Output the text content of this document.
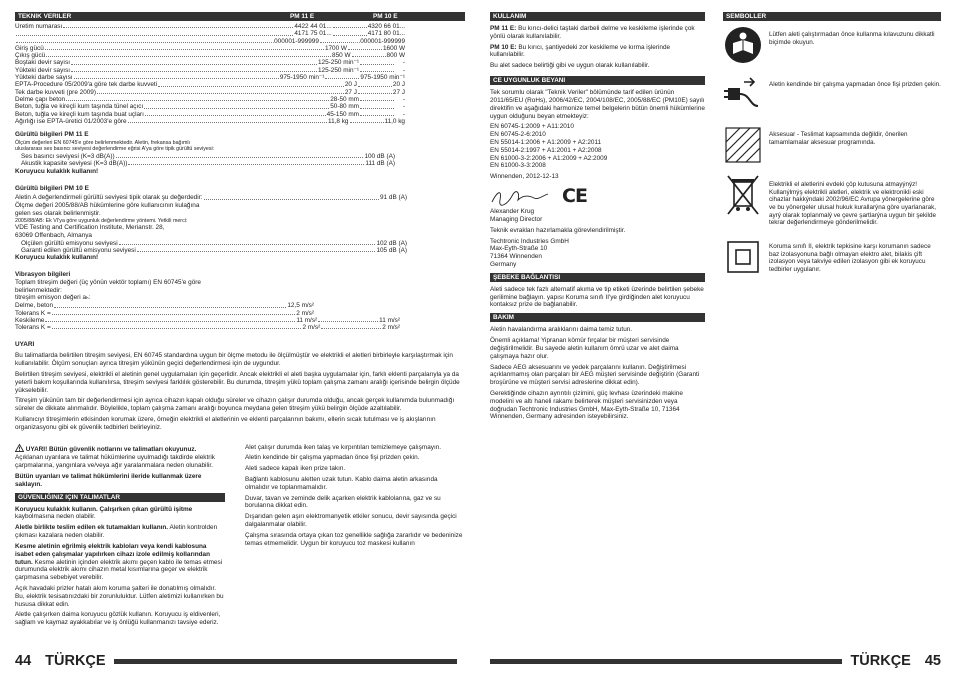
TEKNIK VERILER	PM 11 E	PM 10 E
Üretim numarası	4422 44 01...	4320 66 01...
4171 75 01...	4171 80 01...
...000001-999999	...000001-999999
Giriş gücü	1700 W	1600 W
Çıkış gücü	850 W	800 W
Boştaki devir sayısı	125-250 min⁻¹	-
Yükteki devir sayısı	125-250 min⁻¹	-
Yükteki darbe sayısı	975-1950 min⁻¹	975-1950 min⁻¹
EPTA-Procedure 05/2009'a göre tek darbe kuvveti	20 J	20 J
Tek darbe kuvveti (pre 2009)	27 J	27 J
Delme çapı beton	28-50 mm	-
Beton, tuğla ve kireçli kum taşında tünel açıcı	50-80 mm	-
Beton, tuğla ve kireçli kum taşında buat uçları	45-150 mm	-
Ağırlığı ise EPTA-üretici 01/2003'e göre	11,8 kg	11,0 kg

Gürültü bilgileri PM 11 E

Ölçüm değerleri EN 60745'e göre belirlenmektedir. Aletin, frekansa bağımlı
uluslararası ses basıncı seviyesi değerlendirme eğrisi A'ya göre tipik gürültü seviyesi:
Ses basıncı seviyesi (K=3 dB(A))	100 dB (A)
Akustik kapasite seviyesi (K=3 dB(A))	111 dB (A)

Koruyucu kulaklık kullanın!

Gürültü bilgileri PM 10 E

Aletin A değerlendirmeli gürültü seviyesi tipik olarak şu değerdedir:	91 dB (A)
Ölçme değeri 2005/88/AB hükümlerine göre kullanıcının kulağına
gelen ses olarak belirlenmiştir.
2005/88/AB: Ek VI'ya göre uygunluk değerlendirme yöntemi. Yetkili merci:
VDE Testing and Certification Institute, Merianstr. 28,
63069 Offenbach, Almanya
Ölçülen gürültü emisyonu seviyesi	102 dB (A)
Garanti edilen gürültü emisyonu seviyesi	105 dB (A)

Koruyucu kulaklık kullanın!

Vibrasyon bilgileri

Toplam titreşim değeri (üç yönün vektör toplamı) EN 60745'e göre
belirlenmektedir:
titreşim emisyon değeri aₕ:
Delme, beton	12,5 m/s²
Tolerans K =	2 m/s²
Keskileme	11 m/s²	11 m/s²
Tolerans K =	2 m/s²	2 m/s²

UYARI

Bu talimatlarda belirtilen titreşim seviyesi, EN 60745 standardına uygun bir ölçme metodu ile ölçülmüştür ve elektrikli el aletleri birbirleyle karşılaştırmak için kullanılabilir. Ölçüm sonuçları ayrıca titreşim yükünün geçici değerlendirmesi için de uygundur.

Belirtilen titreşim seviyesi, elektrikli el aletinin genel uygulamaları için geçerlidir. Ancak elektrikli el aleti başka uygulamalar için, farklı eklenti parçalarıyla ya da yeterli bakım koşullarında kullanılırsa, titreşim seviyesi farklılık gösterebilir. Bu durumda, titreşim yükü toplam çalışma zamanı aralığı içerisinde belirgin ölçüde yükselebilir.

Titreşim yükünün tam bir değerlendirmesi için ayrıca cihazın kapalı olduğu süreler ve cihazın çalışır durumda olduğu, ancak gerçek kullanımda bulunmadığı süreler de dikkate alınmalıdır. Böylelikle, toplam çalışma zamanı aralığı boyunca meydana gelen titreşim yükü belirgin ölçüde azaltılabilir.

Kullanıcıyı titreşimlerin etkisinden korumak üzere, örneğin elektrikli el aletlerinin ve eklenti parçalarının bakımı, ellerin sıcak tutulması ve iş akışlarının organizasyonu gibi ek güvenlik tedbirleri belirleyiniz.

UYARI! Bütün güvenlik notlarını ve talimatları okuyunuz.

Açıklanan uyarılara ve talimat hükümlerine uyulmadığı takdirde elektrik çarpmalarına, yangınlara ve/veya ağır yaralanmalara neden olunabilir.

Bütün uyarıları ve talimat hükümlerini ileride kullanmak üzere saklayın.

GÜVENLIĞINIZ IÇIN TALIMATLAR

Koruyucu kulaklık kullanın. Çalışırken çıkan gürültü işitme kaybolmasına neden olabilir.

Aletle birlikte teslim edilen ek tutamakları kullanın. Aletin kontrolden çıkması kazalara neden olabilir.

Kesme aletinin eğrilmiş elektrik kabloları veya kendi kablosuna isabet eden çalışmalar yapılırken cihazı izole edilmiş kollarından tutun. Kesme aletinin içinden elektrik akımı geçen kablo ile temas etmesi durumunda elektrik akımı cihazın metal kısımlarına geçer ve elektrik çarpmasına sebebiyet verebilir.

Açık havadaki prizler hatalı akım koruma şalteri ile donatılmış olmalıdır. Bu, elektrik tesisatınızdaki bir zorunluluktur. Lütfen aletimizi kullanırken bu hususa dikkat edin.

Aletle çalışırken daima koruyucu gözlük kullanın. Koruyucu iş eldivenleri, sağlam ve kaymaz ayakkabılar ve iş önlüğü kullanmanızı tavsiye ederiz.

Alet çalışır durumda iken talaş ve kırpıntıları temizlemeye çalışmayın.

Aletin kendinde bir çalışma yapmadan önce fişi prizden çekin.

Aleti sadece kapalı iken prize takın.

Bağlantı kablosunu aletten uzak tutun. Kablo daima aletin arkasında olmalıdır ve toplanmamalıdır.

Duvar, tavan ve zeminde delik açarken elektrik kablolarına, gaz ve su borularına dikkat edin.

Dışarıdan gelen aşırı elektromanyetik etkiler sonucu, devir sayısında geçici dalgalanmalar olabilir.

Çalışma sırasında ortaya çıkan toz genellikle sağlığa zararlıdır ve bedeninize temas etmemelidir. Uygun bir koruyucu toz maskesi kullanın

KULLANIM

PM 11 E: Bu kırıcı-delici taştaki darbeli delme ve keskileme işlerinde çok yönlü olarak kullanılabilir.

PM 10 E: Bu kırıcı, şantiyedeki zor keskileme ve kırma işlerinde kullanılabilir.

Bu alet sadece belirtiği gibi ve uygun olarak kullanılabilir.

CE UYGUNLUK BEYANI

Tek sorumlu olarak "Teknik Veriler" bölümünde tarif edilen ürünün 2011/65/EU (RoHs), 2006/42/EC, 2004/108/EC, 2005/88/EC (PM10E) sayılı direktifin ve aşağıdaki harmonize temel belgelerin bütün önemli hükümlerine uygun olduğunu beyan etmekteyiz:

EN 60745-1:2009 + A11:2010
EN 60745-2-6:2010
EN 55014-1:2006 + A1:2009 + A2:2011
EN 55014-2:1997 + A1:2001 + A2:2008
EN 61000-3-2:2006 + A1:2009 + A2:2009
EN 61000-3-3:2008

Winnenden, 2012-12-13

CE
Alexander Krug
Managing Director

Teknik evrakları hazırlamakla görevlendirilmiştir.

Techtronic Industries GmbH
Max-Eyth-Straße 10
71364 Winnenden
Germany
ŞEBEKE BAĞLANTISI

Aleti sadece tek fazlı alternatif akıma ve tip etiketi üzerinde belirtilen şebeke gerilimine bağlayın. yapısı Koruma sınıfı II'ye girdiğinden alet koruyucu kontaksız prize de bağlanabilir.

BAKIM

Aletin havalandırma aralıklarını daima temiz tutun.

Önemli açıklama! Yipranan kömür fırçalar bir müşteri servisinde değiştirilmelidir. Bu sayede aletin kullanım ömrü uzar ve alet daima çalışmaya hazır olur.

Sadece AEG aksesuarını ve yedek parçalarını kullanın. Değiştirilmesi açıklanmamış olan parçaları bir AEG müşteri servisinde değiştirin (Garanti broşürüne ve müşteri servisi adreslerine dikkat edin).

Gerektiğinde cihazın ayrıntılı çizimini, güç levhası üzerindeki makine modelini ve altı haneli rakamı belirterek müşteri servisinizden veya doğrudan Techtronic Industries GmbH, Max-Eyth-Straße 10, 71364 Winnenden, Germany adresinden isteyebilirsiniz.

SEMBOLLER
Lütfen aleti çalıştırmadan önce kullanma kılavuzunu dikkatli biçimde okuyun.
Aletin kendinde bir çalışma yapmadan önce fişi prizden çekin.
Aksesuar - Teslimat kapsamında değildir, önerilen tamamlamalar aksesuar programında.
Elektrikli el aletlerini evdeki çöp kutusuna atmayýnýz! Kullanýlmýş elektrikli aletleri, elektrik ve elektronikli eski cihazlar hakkýndaki 2002/96/EC Avrupa yönergelerine göre ve bu yönergeler ulusal hukuk kurallarýna göre uyarlanarak, ayrý olarak toplanmalý ve çevre şartlarýna uygun bir şekilde tekrar değerlendirmeye gönderilmelidir.
Koruma sınıfı II, elektrik tepkisine karşı korumanın sadece baz izolasyonuna bağlı olmayan elektro alet, bilakis çift izolasyon veya takviye edilen izolasyon gibi ek koruyucu tedbirler uygulanır.
44 TÜRKÇE	TÜRKÇE 45
